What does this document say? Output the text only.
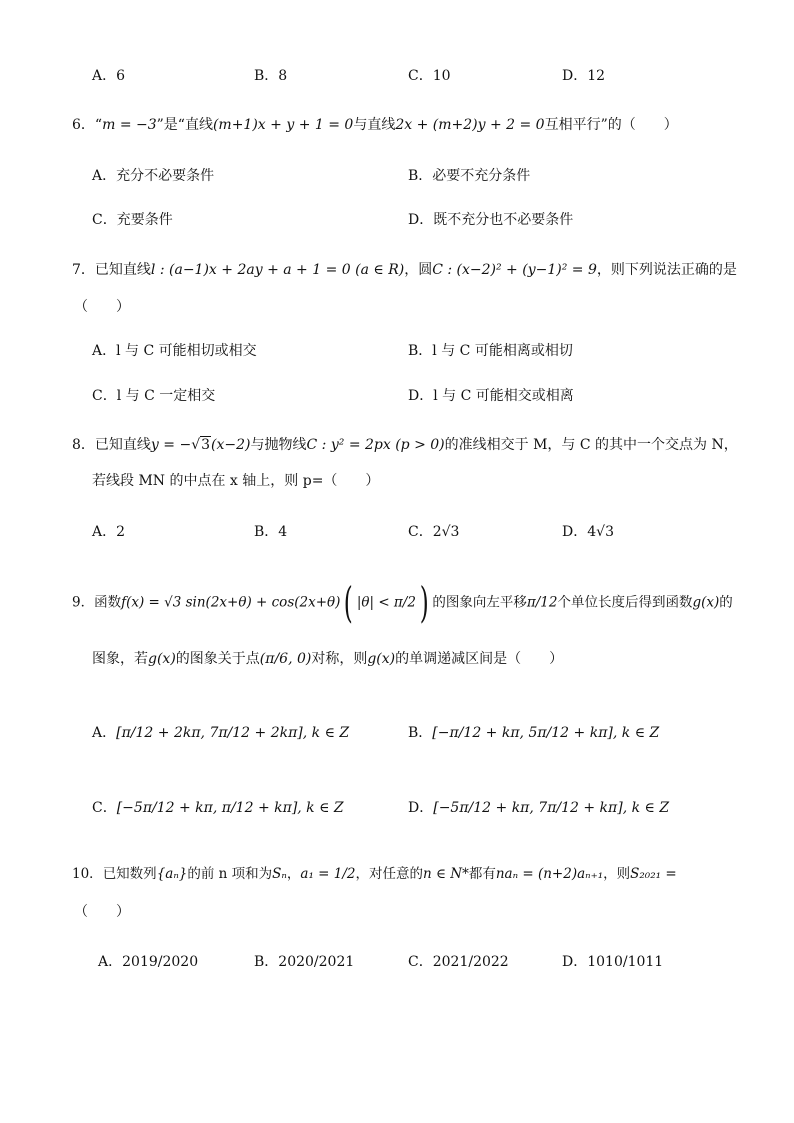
A．6	B．8	C．10	D．12
6．“m = −3”是“直线(m+1)x + y + 1 = 0与直线2x + (m+2)y + 2 = 0互相平行”的（　　）
A．充分不必要条件	B．必要不充分条件
C．充要条件	D．既不充分也不必要条件
7．已知直线l : (a−1)x + 2ay + a + 1 = 0 (a ∈ R)，圆C : (x−2)² + (y−1)² = 9，则下列说法正确的是
（　　）
A．l 与 C 可能相切或相交	B．l 与 C 可能相离或相切
C．l 与 C 一定相交	D．l 与 C 可能相交或相离
8．已知直线y = −√3(x−2)与抛物线C : y² = 2px (p > 0)的准线相交于 M，与 C 的其中一个交点为 N，
若线段 MN 的中点在 x 轴上，则 p=（　　）
A．2	B．4	C．2√3	D．4√3
9．函数f(x) = √3 sin(2x+θ) + cos(2x+θ)( |θ| < π/2) 的图象向左平移π/12个单位长度后得到函数g(x)的
图象，若g(x)的图象关于点(π/6, 0)对称，则g(x)的单调递减区间是（　　）
A．[π/12 + 2kπ, 7π/12 + 2kπ], k ∈ Z	B．[−π/12 + kπ, 5π/12 + kπ], k ∈ Z
C．[−5π/12 + kπ, π/12 + kπ], k ∈ Z	D．[−5π/12 + kπ, 7π/12 + kπ], k ∈ Z
10．已知数列{aₙ}的前 n 项和为Sₙ，a₁ = 1/2，对任意的n ∈ N*都有naₙ = (n+2)aₙ₊₁，则S₂₀₂₁ =
（　　）
A．2019/2020	B．2020/2021	C．2021/2022	D．1010/1011
